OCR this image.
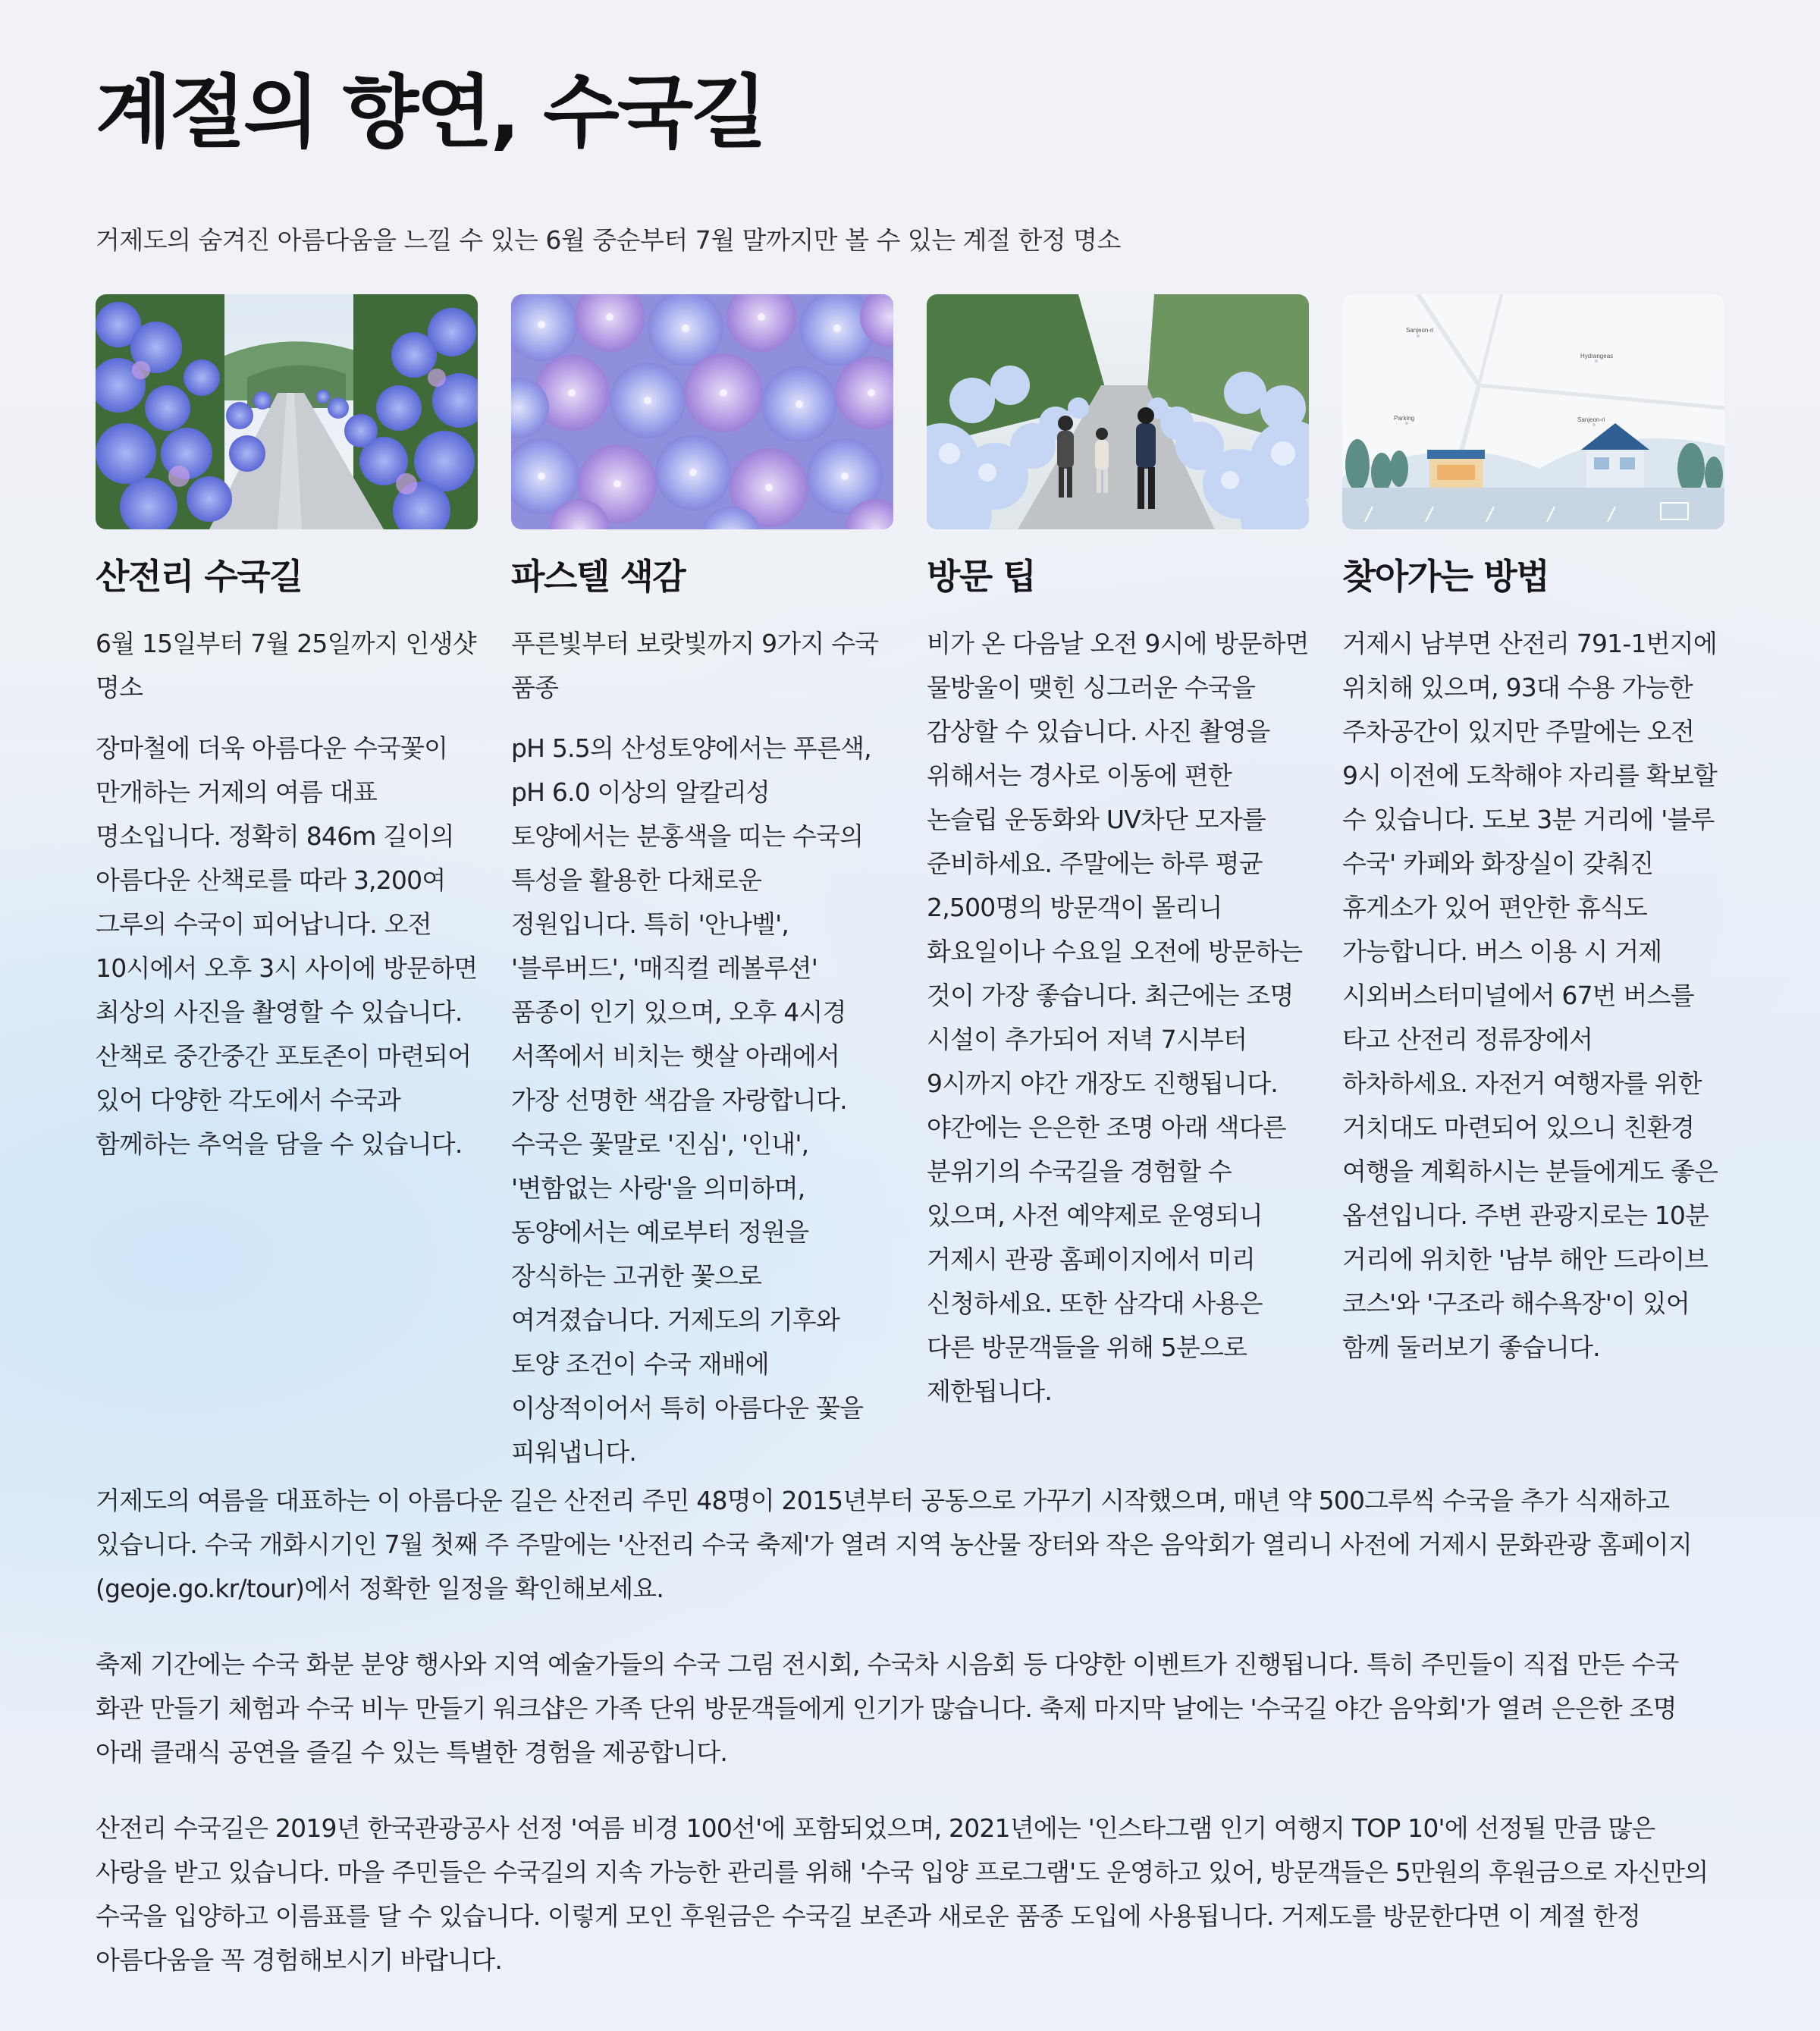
계절의 향연, 수국길
거제도의 숨겨진 아름다움을 느낄 수 있는 6월 중순부터 7월 말까지만 볼 수 있는 계절 한정 명소
산전리 수국길
6월 15일부터 7월 25일까지 인생샷 명소
장마철에 더욱 아름다운 수국꽃이 만개하는 거제의 여름 대표 명소입니다. 정확히 846m 길이의 아름다운 산책로를 따라 3,200여 그루의 수국이 피어납니다. 오전 10시에서 오후 3시 사이에 방문하면 최상의 사진을 촬영할 수 있습니다. 산책로 중간중간 포토존이 마련되어 있어 다양한 각도에서 수국과 함께하는 추억을 담을 수 있습니다.
파스텔 색감
푸른빛부터 보랏빛까지 9가지 수국 품종
pH 5.5의 산성토양에서는 푸른색, pH 6.0 이상의 알칼리성 토양에서는 분홍색을 띠는 수국의 특성을 활용한 다채로운 정원입니다. 특히 '안나벨', '블루버드', '매직컬 레볼루션' 품종이 인기 있으며, 오후 4시경 서쪽에서 비치는 햇살 아래에서 가장 선명한 색감을 자랑합니다. 수국은 꽃말로 '진심', '인내', '변함없는 사랑'을 의미하며, 동양에서는 예로부터 정원을 장식하는 고귀한 꽃으로 여겨졌습니다. 거제도의 기후와 토양 조건이 수국 재배에 이상적이어서 특히 아름다운 꽃을 피워냅니다.
방문 팁
비가 온 다음날 오전 9시에 방문하면 물방울이 맺힌 싱그러운 수국을 감상할 수 있습니다. 사진 촬영을 위해서는 경사로 이동에 편한 논슬립 운동화와 UV차단 모자를 준비하세요. 주말에는 하루 평균 2,500명의 방문객이 몰리니 화요일이나 수요일 오전에 방문하는 것이 가장 좋습니다. 최근에는 조명 시설이 추가되어 저녁 7시부터 9시까지 야간 개장도 진행됩니다. 야간에는 은은한 조명 아래 색다른 분위기의 수국길을 경험할 수 있으며, 사전 예약제로 운영되니 거제시 관광 홈페이지에서 미리 신청하세요. 또한 삼각대 사용은 다른 방문객들을 위해 5분으로 제한됩니다.
Sanjeon-ri
Hydrangeas
Parking	Sanjeon-ri
찾아가는 방법
거제시 남부면 산전리 791-1번지에 위치해 있으며, 93대 수용 가능한 주차공간이 있지만 주말에는 오전 9시 이전에 도착해야 자리를 확보할 수 있습니다. 도보 3분 거리에 '블루 수국' 카페와 화장실이 갖춰진 휴게소가 있어 편안한 휴식도 가능합니다. 버스 이용 시 거제 시외버스터미널에서 67번 버스를 타고 산전리 정류장에서 하차하세요. 자전거 여행자를 위한 거치대도 마련되어 있으니 친환경 여행을 계획하시는 분들에게도 좋은 옵션입니다. 주변 관광지로는 10분 거리에 위치한 '남부 해안 드라이브 코스'와 '구조라 해수욕장'이 있어 함께 둘러보기 좋습니다.

거제도의 여름을 대표하는 이 아름다운 길은 산전리 주민 48명이 2015년부터 공동으로 가꾸기 시작했으며, 매년 약 500그루씩 수국을 추가 식재하고 있습니다. 수국 개화시기인 7월 첫째 주 주말에는 '산전리 수국 축제'가 열려 지역 농산물 장터와 작은 음악회가 열리니 사전에 거제시 문화관광 홈페이지(geoje.go.kr/tour)에서 정확한 일정을 확인해보세요.

축제 기간에는 수국 화분 분양 행사와 지역 예술가들의 수국 그림 전시회, 수국차 시음회 등 다양한 이벤트가 진행됩니다. 특히 주민들이 직접 만든 수국 화관 만들기 체험과 수국 비누 만들기 워크샵은 가족 단위 방문객들에게 인기가 많습니다. 축제 마지막 날에는 '수국길 야간 음악회'가 열려 은은한 조명 아래 클래식 공연을 즐길 수 있는 특별한 경험을 제공합니다.

산전리 수국길은 2019년 한국관광공사 선정 '여름 비경 100선'에 포함되었으며, 2021년에는 '인스타그램 인기 여행지 TOP 10'에 선정될 만큼 많은 사랑을 받고 있습니다. 마을 주민들은 수국길의 지속 가능한 관리를 위해 '수국 입양 프로그램'도 운영하고 있어, 방문객들은 5만원의 후원금으로 자신만의 수국을 입양하고 이름표를 달 수 있습니다. 이렇게 모인 후원금은 수국길 보존과 새로운 품종 도입에 사용됩니다. 거제도를 방문한다면 이 계절 한정 아름다움을 꼭 경험해보시기 바랍니다.
